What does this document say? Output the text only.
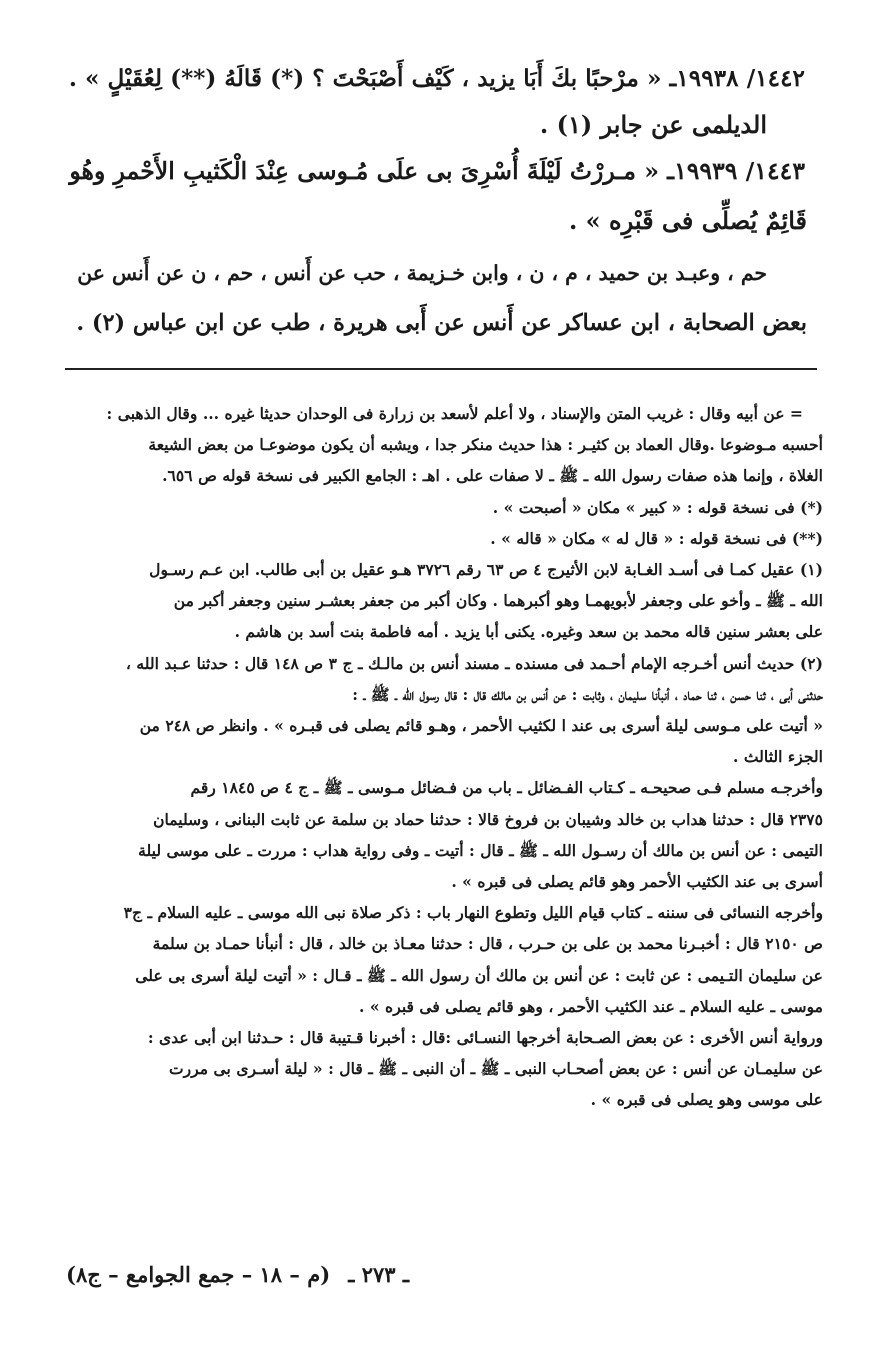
١٤٤٢/ ١٩٩٣٨ـ « مرْحبًا بكَ أَبَا يزيد ، كَيْف أَصْبَحْتَ ؟ (*) قَالَهُ (**) لِعُقَيْلٍ » .
الديلمى عن جابر (١) .
١٤٤٣/ ١٩٩٣٩ـ « مـررْتُ لَيْلَةَ أُسْرِىَ بى علَى مُـوسى عِنْدَ الْكَثيبِ الأَحْمرِ وهُو
قَائِمٌ يُصلِّى فى قَبْرِه » .
حم ، وعبـد بن حميد ، م ، ن ، وابن خـزيمة ، حب عن أَنس ، حم ، ن عن أَنس عن
بعض الصحابة ، ابن عساكر عن أَنس عن أَبى هريرة ، طب عن ابن عباس (٢) .
= عن أبيه وقال : غريب المتن والإسناد ، ولا أعلم لأسعد بن زرارة فى الوحدان حديثا غيره ... وقال الذهبى :
أحسبه مـوضوعا .وقال العماد بن كثيـر : هذا حديث منكر جدا ، ويشبه أن يكون موضوعـا من بعض الشيعة
الغلاة ، وإنما هذه صفات رسول الله ـ ﷺ ـ لا صفات على . اهـ : الجامع الكبير فى نسخة قوله ص ٦٥٦.
(*) فى نسخة قوله : « كبير » مكان « أصبحت » .
(**) فى نسخة قوله : « قال له » مكان « قاله » .
(١) عقيل كمـا فى أسـد الغـابة لابن الأثيرج ٤ ص ٦٣ رقم ٣٧٢٦ هـو عقيل بن أبى طالب. ابن عـم رسـول
الله ـ ﷺ ـ وأخو على وجعفر لأبويهمـا وهو أكبرهما . وكان أكبر من جعفر بعشـر سنين وجعفر أكبر من
على بعشر سنين قاله محمد بن سعد وغيره. يكنى أبا يزيد . أمه فاطمة بنت أسد بن هاشم .
(٢) حديث أنس أخـرجه الإمام أحـمد فى مسنده ـ مسند أنس بن مالـك ـ ج ٣ ص ١٤٨ قال : حدثنا عـبد الله ،
حدثنى أبى ، ثنا حسن ، ثنا حماد ، أنبأنا سليمان ، وثابت : عن أنس بن مالك قال : قال رسول الله ـ ﷺ ـ :
« أتيت على مـوسى ليلة أسرى بى عند ا لكثيب الأحمر ، وهـو قائم يصلى فى قبـره » . وانظر ص ٢٤٨ من
الجزء الثالث .
وأخرجـه مسلم فـى صحيحـه ـ كـتاب الفـضائل ـ باب من فـضائل مـوسى ـ ﷺ ـ ج ٤ ص ١٨٤٥ رقم
٢٣٧٥ قال : حدثنا هداب بن خالد وشيبان بن فروخ قالا : حدثنا حماد بن سلمة عن ثابت البنانى ، وسليمان
التيمى : عن أنس بن مالك أن رسـول الله ـ ﷺ ـ قال : أتيت ـ وفى رواية هداب : مررت ـ على موسى ليلة
أسرى بى عند الكثيب الأحمر وهو قائم يصلى فى قبره » .
وأخرجه النسائى فى سننه ـ كتاب قيام الليل وتطوع النهار باب : ذكر صلاة نبى الله موسى ـ عليه السلام ـ ج٣
ص ٢١٥٠ قال : أخبـرنا محمد بن على بن حـرب ، قال : حدثنا معـاذ بن خالد ، قال : أنبأنا حمـاد بن سلمة
عن سليمان التـيمى : عن ثابت : عن أنس بن مالك أن رسول الله ـ ﷺ ـ قـال : « أتيت ليلة أسرى بى على
موسى ـ عليه السلام ـ عند الكثيب الأحمر ، وهو قائم يصلى فى قبره » .
ورواية أنس الأخرى : عن بعض الصـحابة أخرجها النسـائى :قال : أخبرنا قـتيبة قال : حـدثنا ابن أبى عدى :
عن سليمـان عن أنس : عن بعض أصحـاب النبى ـ ﷺ ـ أن النبى ـ ﷺ ـ قال : « ليلة أسـرى بى مررت
على موسى وهو يصلى فى قبره » .
ـ ٢٧٣ ـ
(م – ١٨ – جمع الجوامع – ج٨)
